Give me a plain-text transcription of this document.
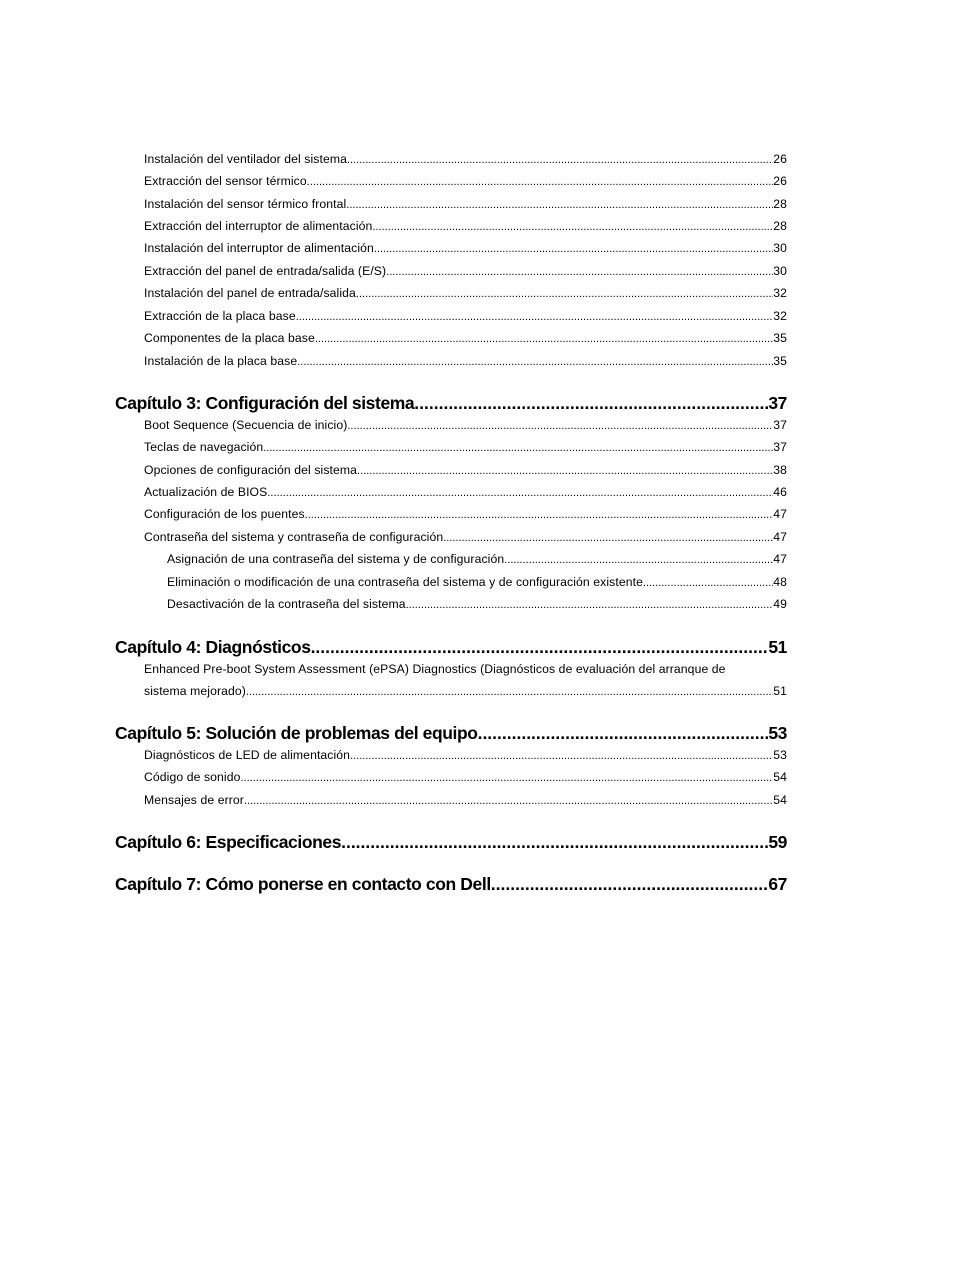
Instalación del ventilador del sistema .....	26
Extracción del sensor térmico .....	26
Instalación del sensor térmico frontal .....	28
Extracción del interruptor de alimentación .....	28
Instalación del interruptor de alimentación .....	30
Extracción del panel de entrada/salida (E/S) .....	30
Instalación del panel de entrada/salida .....	32
Extracción de la placa base .....	32
Componentes de la placa base .....	35
Instalación de la placa base .....	35
Capítulo 3: Configuración del sistema .....	37
Boot Sequence (Secuencia de inicio) .....	37
Teclas de navegación .....	37
Opciones de configuración del sistema .....	38
Actualización de BIOS .....	46
Configuración de los puentes .....	47
Contraseña del sistema y contraseña de configuración .....	47
Asignación de una contraseña del sistema y de configuración .....	47
Eliminación o modificación de una contraseña del sistema y de configuración existente .....	48
Desactivación de la contraseña del sistema .....	49
Capítulo 4: Diagnósticos .....	51
Enhanced Pre-boot System Assessment (ePSA) Diagnostics (Diagnósticos de evaluación del arranque de
sistema mejorado) .....	51
Capítulo 5: Solución de problemas del equipo .....	53
Diagnósticos de LED de alimentación .....	53
Código de sonido .....	54
Mensajes de error .....	54
Capítulo 6: Especificaciones .....	59
Capítulo 7: Cómo ponerse en contacto con Dell .....	67
